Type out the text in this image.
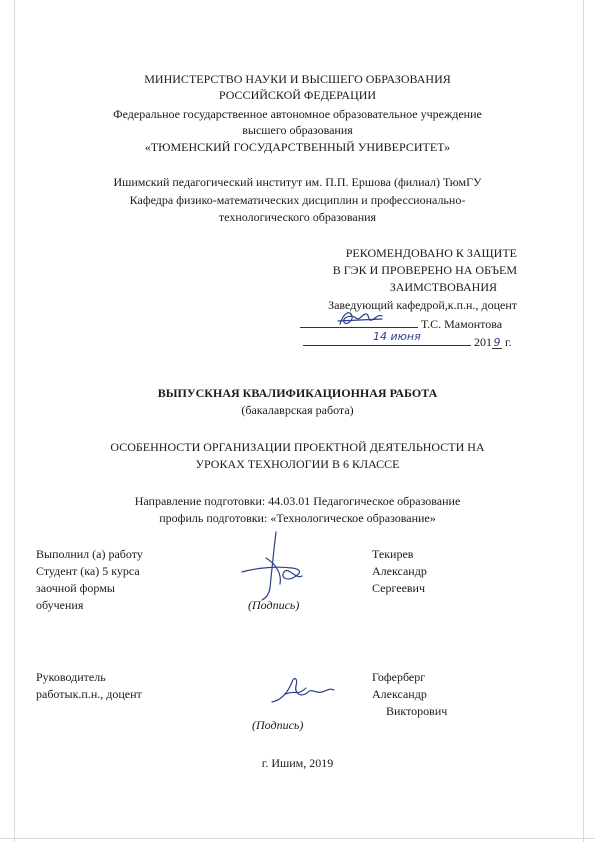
МИНИСТЕРСТВО НАУКИ И ВЫСШЕГО ОБРАЗОВАНИЯ
РОССИЙСКОЙ ФЕДЕРАЦИИ
Федеральное государственное автономное образовательное учреждение
высшего образования
«ТЮМЕНСКИЙ ГОСУДАРСТВЕННЫЙ УНИВЕРСИТЕТ»
Ишимский педагогический институт им. П.П. Ершова (филиал) ТюмГУ
Кафедра физико-математических дисциплин и профессионально-
технологического образования
РЕКОМЕНДОВАНО К ЗАЩИТЕ
В ГЭК И ПРОВЕРЕНО НА ОБЪЕМ
ЗАИМСТВОВАНИЯ
Заведующий кафедрой,к.п.н., доцент
Т.С. Мамонтова
14 июня	201 9 г.
ВЫПУСКНАЯ КВАЛИФИКАЦИОННАЯ РАБОТА
(бакалаврская работа)
ОСОБЕННОСТИ ОРГАНИЗАЦИИ ПРОЕКТНОЙ ДЕЯТЕЛЬНОСТИ НА
УРОКАХ ТЕХНОЛОГИИ В 6 КЛАССЕ
Направление подготовки: 44.03.01 Педагогическое образование
профиль подготовки: «Технологическое образование»
Выполнил (а) работу
Студент (ка) 5 курса
заочной формы
обучения	(Подпись)
Текирев
Александр
Сергеевич
Руководитель
работык.п.н., доцент
(Подпись)
Гоферберг
Александр
Викторович
г. Ишим, 2019
